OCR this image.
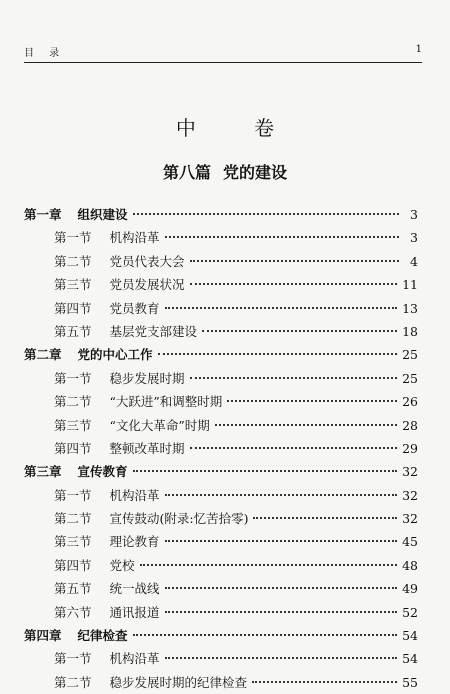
目 录	1
中 卷
第八篇 党的建设
第一章 组织建设	3
第一节 机构沿革	3
第二节 党员代表大会	4
第三节 党员发展状况	11
第四节 党员教育	13
第五节 基层党支部建设	18
第二章 党的中心工作	25
第一节 稳步发展时期	25
第二节 “大跃进”和调整时期	26
第三节 “文化大革命”时期	28
第四节 整顿改革时期	29
第三章 宣传教育	32
第一节 机构沿革	32
第二节 宣传鼓动(附录:忆苦拾零)	32
第三节 理论教育	45
第四节 党校	48
第五节 统一战线	49
第六节 通讯报道	52
第四章 纪律检查	54
第一节 机构沿革	54
第二节 稳步发展时期的纪律检查	55
